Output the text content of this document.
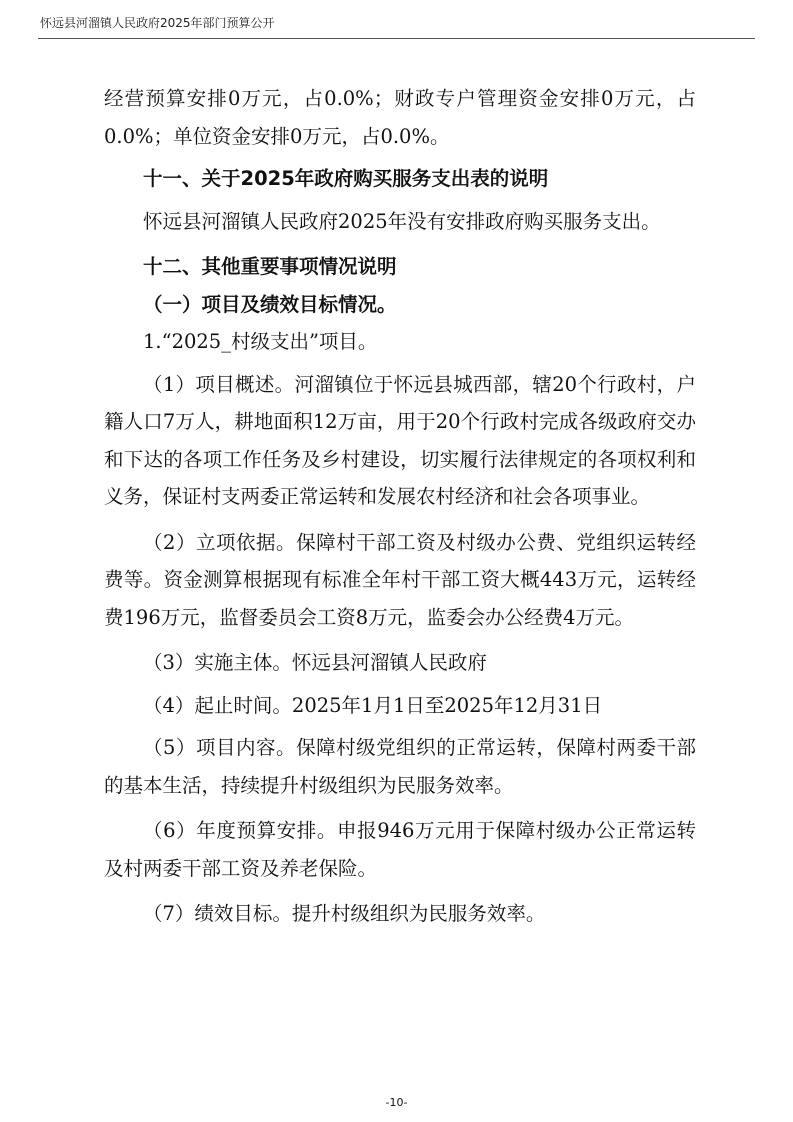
怀远县河溜镇人民政府2025年部门预算公开

经营预算安排0万元，占0.0%；财政专户管理资金安排0万元，占0.0%；单位资金安排0万元，占0.0%。

十一、关于2025年政府购买服务支出表的说明

怀远县河溜镇人民政府2025年没有安排政府购买服务支出。

十二、其他重要事项情况说明

（一）项目及绩效目标情况。

1.“2025_村级支出”项目。

（1）项目概述。河溜镇位于怀远县城西部，辖20个行政村，户籍人口7万人，耕地面积12万亩，用于20个行政村完成各级政府交办和下达的各项工作任务及乡村建设，切实履行法律规定的各项权利和义务，保证村支两委正常运转和发展农村经济和社会各项事业。

（2）立项依据。保障村干部工资及村级办公费、党组织运转经费等。资金测算根据现有标准全年村干部工资大概443万元，运转经费196万元，监督委员会工资8万元，监委会办公经费4万元。

（3）实施主体。怀远县河溜镇人民政府

（4）起止时间。2025年1月1日至2025年12月31日

（5）项目内容。保障村级党组织的正常运转，保障村两委干部的基本生活，持续提升村级组织为民服务效率。

（6）年度预算安排。申报946万元用于保障村级办公正常运转及村两委干部工资及养老保险。

（7）绩效目标。提升村级组织为民服务效率。

-10-
